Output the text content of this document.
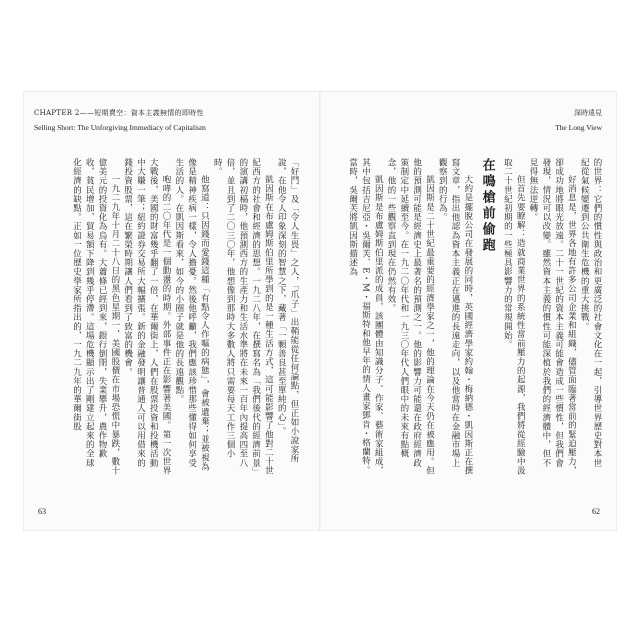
CHAPTER 2——短期賣空：資本主義無情的即時性
Selling Short: The Unforgiving Immediacy of Capitalism

「好鬥」及「令人生畏」之人，「爪子」出鞘能從任何論點，但正如小說家所說，在他令人印象深刻的智慧之下，藏著「一顆善良甚至單純的心」。

凱因斯在布盧姆斯伯里所學到的是一種生活方式，這可能影響了他對二十世紀西方的社會和經濟的思想。一九二八年，在撰寫名為「我們後代的經濟前景」的演講初稿時，他預測西方的生產力和生活水準將在未來一百年內提高四至八倍，並且到了二〇三〇年，他想像到那時大多數人將只需要每天工作三個小時。

他寫道：只因錢而愛錢這種「有點令人作嘔的病態」，會被遺棄；並被視為像是精神疾病一樣，令人擔憂。然後他呼籲，我們應該珍惜那些懂得如何享受生活的人。在凱因斯看來，如今的小圈子就是他的長遠觀點。

咆哮的二〇年代是一個動盪的時期。外部事件正在影響著美國。第一次世界大戰後，美國的財富幾乎翻了一倍，在華爾街上，人們在股票投資和投機活動中大賺一筆；紐約證券交易所大幅擴張。新的金融發明讓普通人可以用借來的錢投資股票，這在繁榮時期讓人們看到了致富的機會。

一九二九年十月二十八日的黑色星期一，美國股價在市場恐慌中暴跌，數十億美元的投資化為烏有。大蕭條已經到來，銀行倒閉，失業攀升，農作物歉收，貧民增加，貿易額下降到幾乎停滯。這場危機顯示出了剛建立起來的全球化經濟的缺點。正如一位歷史學家所指出的，一九二九年的華爾街股

63
深時遠見
The Long View

的世界：它們的慣性與政治和更廣泛的社會文化在一起，引導世界歷史對本世紀從氣候變遷到公共衛生危機的重大挑戰。

好消息是，世界各地有許多公司企業和組織，儘管面臨著當前的緊迫壓力，卻成功地將眼光放遠。二十一世紀的資本主義可能會造成一些慣性，但我們會發現，情況可以改變。雖然資本主義的慣性可能深植於我們的經濟體中，但不見得無法逆轉。

但首先要瞭解：造就商業世界的系統性當前壓力的起源，我們將從經驗中汲取二十世紀初期的一些極具影響力的常規開始。

在鳴槍前偷跑

大約是擺脫公司在發展的同時，英國經濟學家約翰・梅納德・凱因斯正在撰寫文章，指出他認為資本主義正在邁進的長遠走向，以及他當時在金融市場上觀察到的行為。

凱因斯是二十世紀最重要的經濟學家之一，他的理論在今天仍在被應用。但他的預測可能是經濟史上最著名的預測之一。他的影響力可能還在政府經濟政策制定中延續至今。在一九二〇年代和一九三〇年代人們眼中的未來有點概念，他的一些觀察直到現在仍然有效。

凱因斯是布盧姆斯伯里派的成員，該團體由知識分子、作家、藝術家組成，其中包括吉尼亞・吳爾芙、E・M・福斯特和他早年的情人畫家鄧肯・格蘭特。當時，吳爾芙將凱因斯描述為

62
